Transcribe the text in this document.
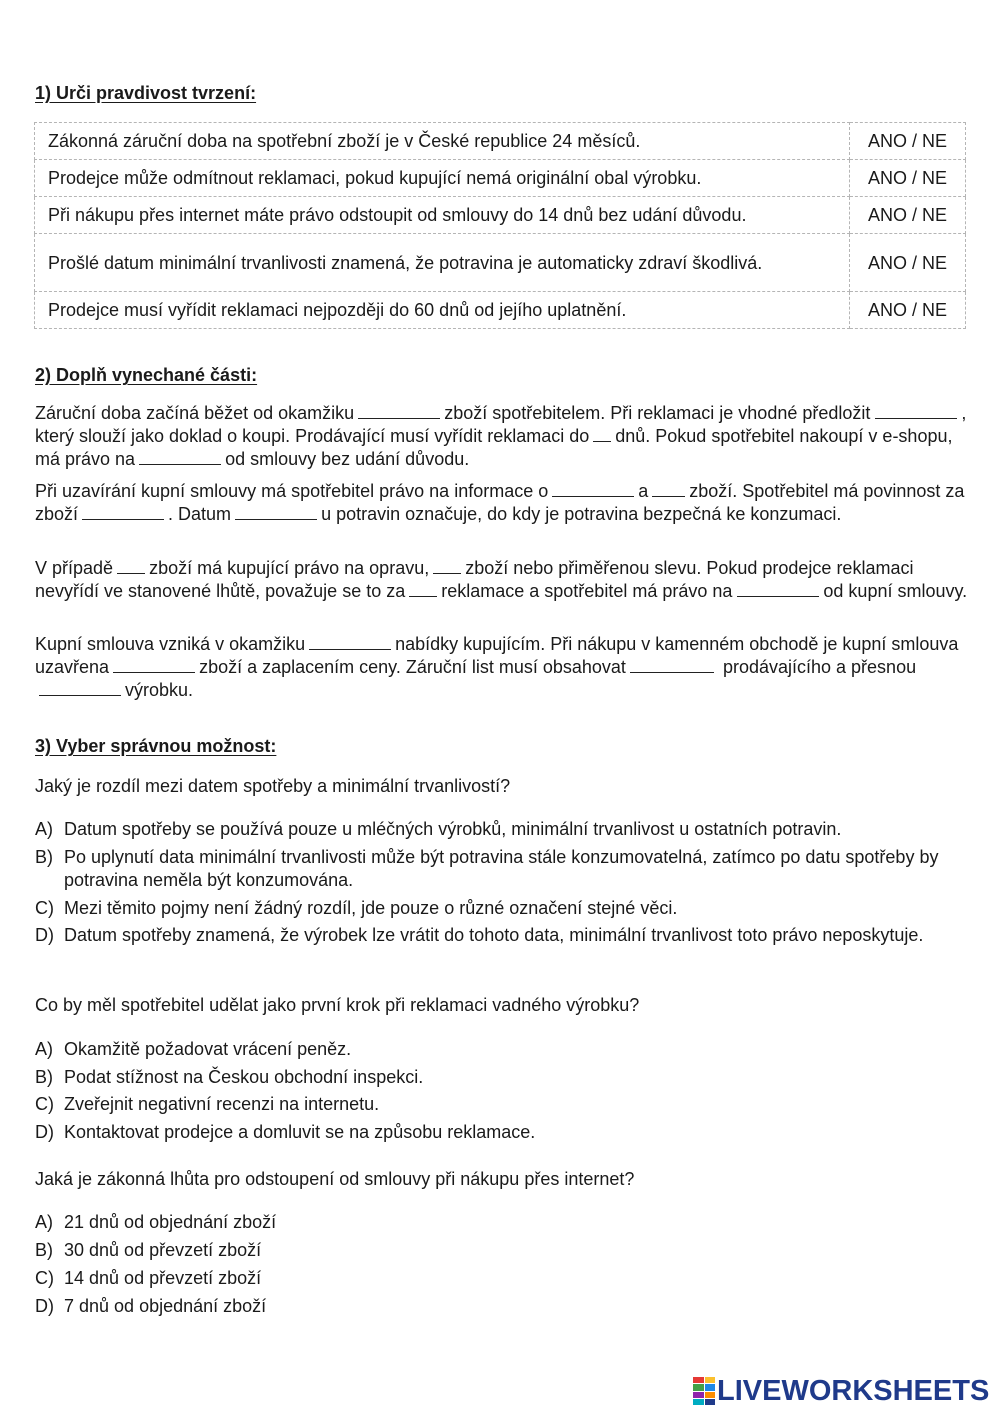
1) Urči pravdivost tvrzení:
Zákonná záruční doba na spotřební zboží je v České republice 24 měsíců.	ANO / NE
Prodejce může odmítnout reklamaci, pokud kupující nemá originální obal výrobku.	ANO / NE
Při nákupu přes internet máte právo odstoupit od smlouvy do 14 dnů bez udání důvodu.	ANO / NE
Prošlé datum minimální trvanlivosti znamená, že potravina je automaticky zdraví škodlivá.	ANO / NE
Prodejce musí vyřídit reklamaci nejpozději do 60 dnů od jejího uplatnění.	ANO / NE
2) Doplň vynechané části:
Záruční doba začíná běžet od okamžiku	zboží spotřebitelem. Při reklamaci je vhodné předložit	, který slouží jako doklad o koupi. Prodávající musí vyřídit reklamaci do dnů. Pokud spotřebitel nakoupí v e-shopu, má právo na	od smlouvy bez udání důvodu.
Při uzavírání kupní smlouvy má spotřebitel právo na informace o	a zboží. Spotřebitel má povinnost za zboží	. Datum	u potravin označuje, do kdy je potravina bezpečná ke konzumaci.
V případě zboží má kupující právo na opravu, zboží nebo přiměřenou slevu. Pokud prodejce reklamaci nevyřídí ve stanovené lhůtě, považuje se to za reklamace a spotřebitel má právo na	od kupní smlouvy.
Kupní smlouva vzniká v okamžiku	nabídky kupujícím. Při nákupu v kamenném obchodě je kupní smlouva uzavřena	zboží a zaplacením ceny. Záruční list musí obsahovat	prodávajícího a přesnouvýrobku.
3) Vyber správnou možnost:
Jaký je rozdíl mezi datem spotřeby a minimální trvanlivostí?
A) Datum spotřeby se používá pouze u mléčných výrobků, minimální trvanlivost u ostatních potravin.
B) Po uplynutí data minimální trvanlivosti může být potravina stále konzumovatelná, zatímco po datu spotřeby by potravina neměla být konzumována.
C) Mezi těmito pojmy není žádný rozdíl, jde pouze o různé označení stejné věci.
D) Datum spotřeby znamená, že výrobek lze vrátit do tohoto data, minimální trvanlivost toto právo neposkytuje.
Co by měl spotřebitel udělat jako první krok při reklamaci vadného výrobku?
A) Okamžitě požadovat vrácení peněz.
B) Podat stížnost na Českou obchodní inspekci.
C) Zveřejnit negativní recenzi na internetu.
D) Kontaktovat prodejce a domluvit se na způsobu reklamace.
Jaká je zákonná lhůta pro odstoupení od smlouvy při nákupu přes internet?
A) 21 dnů od objednání zboží
B) 30 dnů od převzetí zboží
C) 14 dnů od převzetí zboží
D) 7 dnů od objednání zboží
LIVEWORKSHEETS
